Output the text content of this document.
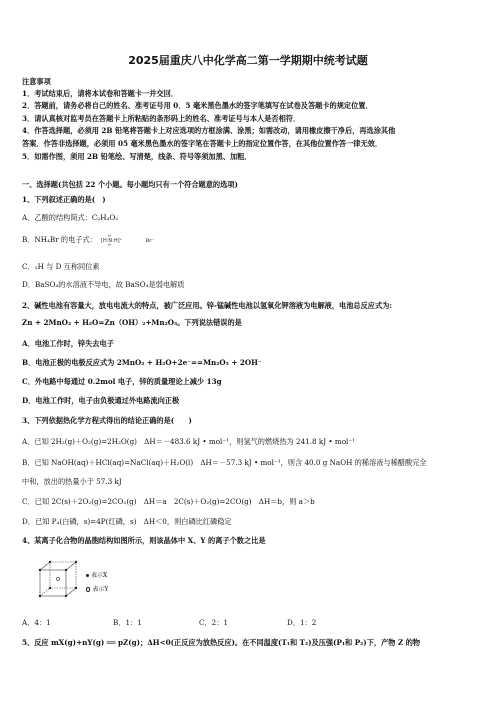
2025届重庆八中化学高二第一学期期中统考试题
注意事项
1．考试结束后，请将本试卷和答题卡一并交回．
2．答题前，请务必将自己的姓名、准考证号用 0．5 毫米黑色墨水的签字笔填写在试卷及答题卡的规定位置．
3．请认真核对监考员在答题卡上所粘贴的条形码上的姓名、准考证号与本人是否相符．
4．作答选择题，必须用 2B 铅笔将答题卡上对应选项的方框涂满、涂黑；如需改动，请用橡皮擦干净后，再选涂其他
答案．作答非选择题，必须用 05 毫米黑色墨水的签字笔在答题卡上的指定位置作答，在其他位置作答一律无效．
5．如需作图，须用 2B 铅笔绘、写清楚，线条、符号等须加黑、加粗．
一、选择题(共包括 22 个小题。每小题均只有一个符合题意的选项)
1、下列叙述正确的是(　)
A．乙酸的结构简式：C₂H₄O₂
B．NH₄Br 的电子式： [H:N:H]⁺
H
H
Br⁻
C．₁H 与 D 互称同位素
D．BaSO₄的水溶液不导电，故 BaSO₄是弱电解质
2、碱性电池有容量大，放电电流大的特点，被广泛应用。锌-锰碱性电池以氢氧化钾溶液为电解液，电池总反应式为:
Zn + 2MnO₂ + H₂O=Zn（OH）₂+Mn₂O₃。下列说法错误的是
A．电池工作时，锌失去电子
B．电池正极的电极反应式为 2MnO₂ + H₂O+2e⁻==Mn₂O₃ + 2OH⁻
C．外电路中每通过 0.2mol 电子，锌的质量理论上减少 13g
D．电池工作时，电子由负极通过外电路流向正极
3、下列依据热化学方程式得出的结论正确的是(　　)
A．已知 2H₂(g)＋O₂(g)=2H₂O(g)　ΔH＝－483.6 kJ • mol⁻¹，则氢气的燃烧热为 241.8 kJ • mol⁻¹
B．已知 NaOH(aq)＋HCl(aq)=NaCl(aq)＋H₂O(l)　ΔH＝－57.3 kJ • mol⁻¹，则含 40.0 g NaOH 的稀溶液与稀醋酸完全
中和，放出的热量小于 57.3 kJ
C．已知 2C(s)＋2O₂(g)=2CO₂(g)　ΔH＝a　2C(s)＋O₂(g)=2CO(g)　ΔH＝b，则 a＞b
D．已知 P₄(白磷，s)=4P(红磷，s)　ΔH＜0，则白磷比红磷稳定
4、某离子化合物的晶胞结构如图所示，则该晶体中 X、Y 的离子个数之比是
表示X
表示Y
A．4：1	B．1：1	C．2：1	D．1：2
5、反应 mX(g)+nY(g) ══ pZ(g)；ΔH<0(正反应为放热反应)。在不同温度(T₁和 T₂)及压强(P₁和 P₂)下，产物 Z 的物
